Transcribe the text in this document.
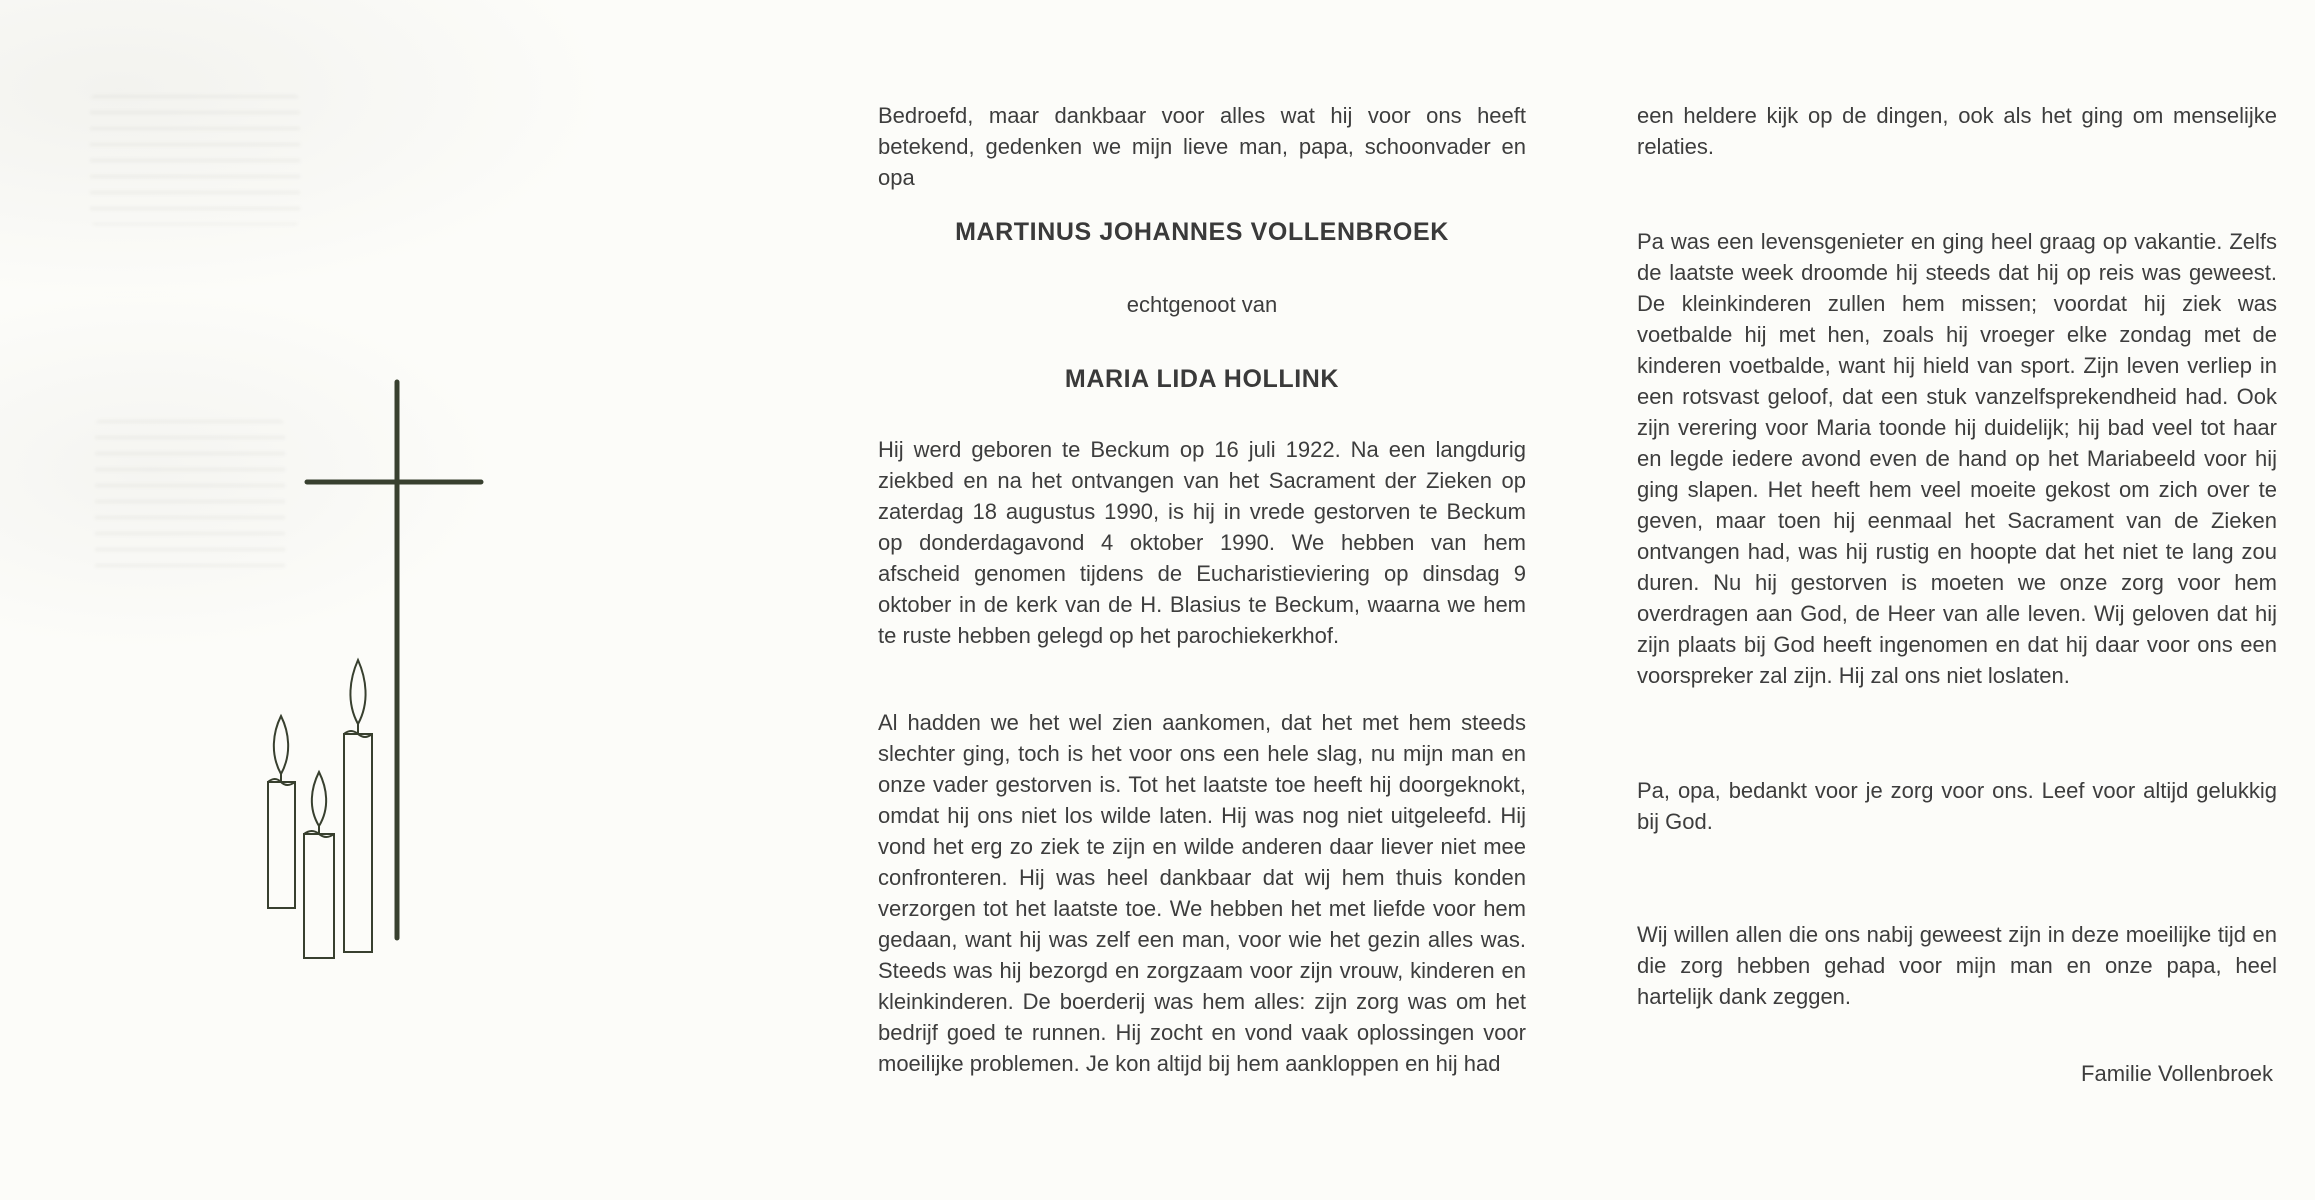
Bedroefd, maar dankbaar voor alles wat hij voor ons heeft betekend, gedenken we mijn lieve man, papa, schoonvader en opa

MARTINUS JOHANNES VOLLENBROEK

echtgenoot van

MARIA LIDA HOLLINK

Hij werd geboren te Beckum op 16 juli 1922. Na een langdurig ziekbed en na het ontvangen van het Sacrament der Zieken op zaterdag 18 augustus 1990, is hij in vrede gestorven te Beckum op donderdagavond 4 oktober 1990. We hebben van hem afscheid genomen tijdens de Eucharistieviering op dinsdag 9 oktober in de kerk van de H. Blasius te Beckum, waarna we hem te ruste hebben gelegd op het parochiekerkhof.

Al hadden we het wel zien aankomen, dat het met hem steeds slechter ging, toch is het voor ons een hele slag, nu mijn man en onze vader gestorven is. Tot het laatste toe heeft hij doorgeknokt, omdat hij ons niet los wilde laten. Hij was nog niet uitgeleefd. Hij vond het erg zo ziek te zijn en wilde anderen daar liever niet mee confronteren. Hij was heel dankbaar dat wij hem thuis konden verzorgen tot het laatste toe. We hebben het met liefde voor hem gedaan, want hij was zelf een man, voor wie het gezin alles was. Steeds was hij bezorgd en zorgzaam voor zijn vrouw, kinderen en kleinkinderen. De boerderij was hem alles: zijn zorg was om het bedrijf goed te runnen. Hij zocht en vond vaak oplossingen voor moeilijke problemen. Je kon altijd bij hem aankloppen en hij had

een heldere kijk op de dingen, ook als het ging om menselijke relaties.

Pa was een levensgenieter en ging heel graag op vakantie. Zelfs de laatste week droomde hij steeds dat hij op reis was geweest. De kleinkinderen zullen hem missen; voordat hij ziek was voetbalde hij met hen, zoals hij vroeger elke zondag met de kinderen voetbalde, want hij hield van sport. Zijn leven verliep in een rotsvast geloof, dat een stuk vanzelfsprekendheid had. Ook zijn verering voor Maria toonde hij duidelijk; hij bad veel tot haar en legde iedere avond even de hand op het Mariabeeld voor hij ging slapen. Het heeft hem veel moeite gekost om zich over te geven, maar toen hij eenmaal het Sacrament van de Zieken ontvangen had, was hij rustig en hoopte dat het niet te lang zou duren. Nu hij gestorven is moeten we onze zorg voor hem overdragen aan God, de Heer van alle leven. Wij geloven dat hij zijn plaats bij God heeft ingenomen en dat hij daar voor ons een voorspreker zal zijn. Hij zal ons niet loslaten.

Pa, opa, bedankt voor je zorg voor ons. Leef voor altijd gelukkig bij God.

Wij willen allen die ons nabij geweest zijn in deze moeilijke tijd en die zorg hebben gehad voor mijn man en onze papa, heel hartelijk dank zeggen.

Familie Vollenbroek
